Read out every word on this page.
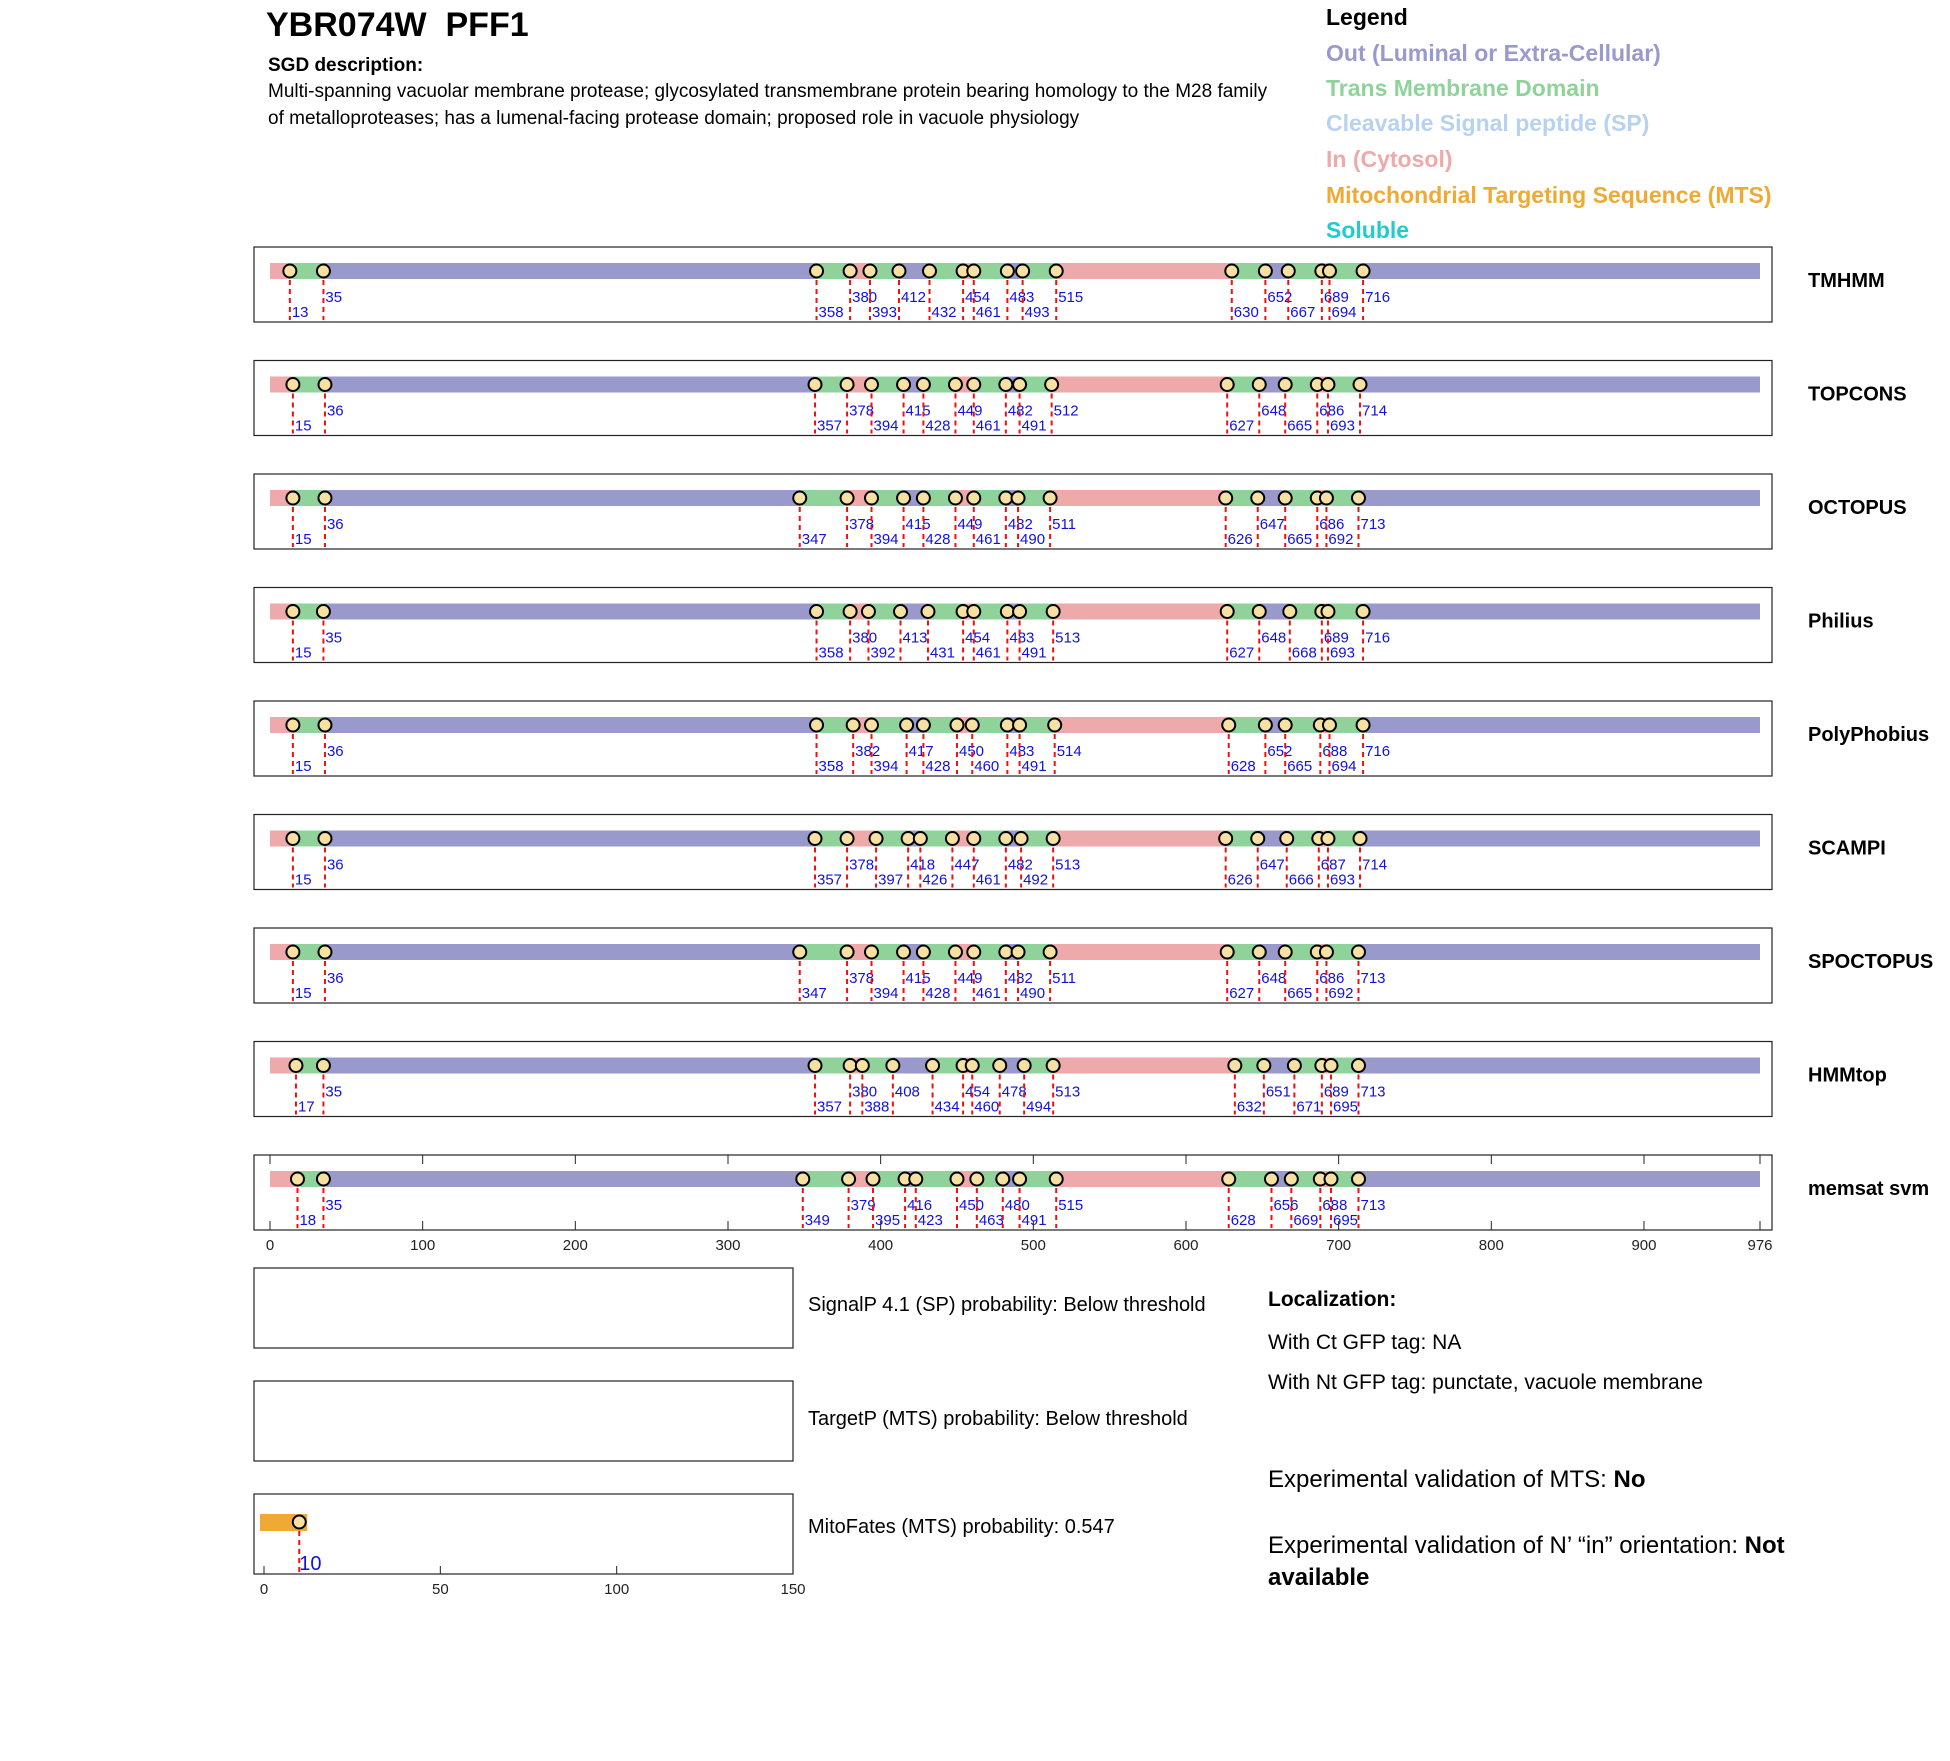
YBR074W  PFF1
SGD description:
Multi-spanning vacuolar membrane protease; glycosylated transmembrane protein bearing homology to the M28 family of metalloproteases; has a lumenal-facing protease domain; proposed role in vacuole physiology
Legend
Out (Luminal or Extra-Cellular)
Trans Membrane Domain
Cleavable Signal peptide (SP)
In (Cytosol)
Mitochondrial Targeting Sequence (MTS)
Soluble
13
35
358
380
393
412
432
454
461
483
493
515
630
652
667
689
694
716
TMHMM
15
36
357
378
394
415
428
449
461
482
491
512
627
648
665
686
693
714
TOPCONS
15
36
347
378
394
415
428
449
461
482
490
511
626
647
665
686
692
713
OCTOPUS
15
35
358
380
392
413
431
454
461
483
491
513
627
648
668
689
693
716
Philius
15
36
358
382
394
417
428
450
460
483
491
514
628
652
665
688
694
716
PolyPhobius
15
36
357
378
397
418
426
447
461
482
492
513
626
647
666
687
693
714
SCAMPI
15
36
347
378
394
415
428
449
461
482
490
511
627
648
665
686
692
713
SPOCTOPUS
17
35
357
380
388
408
434
454
460
478
494
513
632
651
671
689
695
713
HMMtop
18
35
349
379
395
416
423
450
463
480
491
515
628
656
669
688
695
713
memsat svm
0	100	200	300	400	500	600	700	800	900	976
10
0	50	100	150
SignalP 4.1 (SP) probability: Below threshold
TargetP (MTS) probability: Below threshold
MitoFates (MTS) probability: 0.547
Localization:
With Ct GFP tag: NA
With Nt GFP tag: punctate, vacuole membrane
Experimental validation of MTS: No
Experimental validation of N’ “in” orientation: Not available
